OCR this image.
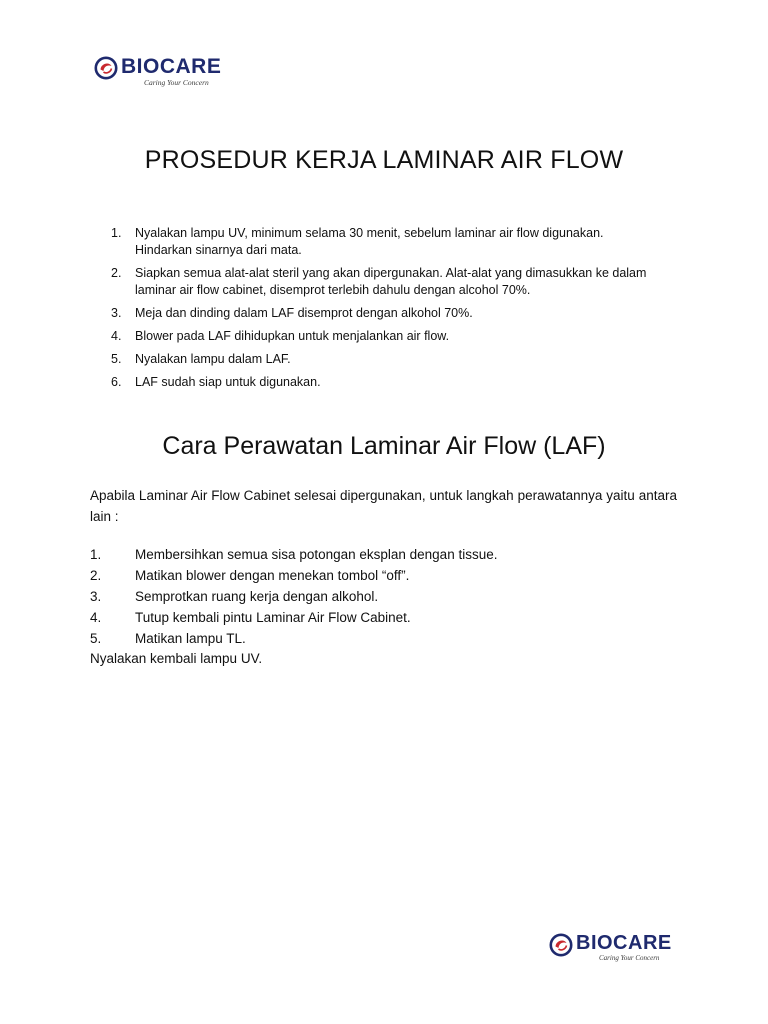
BIOCARE
Caring Your Concern
PROSEDUR KERJA LAMINAR AIR FLOW
1.	Nyalakan lampu UV, minimum selama 30 menit, sebelum laminar air flow digunakan. Hindarkan sinarnya dari mata.
2.	Siapkan semua alat-alat steril yang akan dipergunakan. Alat-alat yang dimasukkan ke dalam laminar air flow cabinet, disemprot terlebih dahulu dengan alcohol 70%.
3.	Meja dan dinding dalam LAF disemprot dengan alkohol 70%.
4.	Blower pada LAF dihidupkan untuk menjalankan air flow.
5.	Nyalakan lampu dalam LAF.
6.	LAF sudah siap untuk digunakan.
Cara Perawatan Laminar Air Flow (LAF)

Apabila Laminar Air Flow Cabinet selesai dipergunakan, untuk langkah perawatannya yaitu antara lain :

1.	Membersihkan semua sisa potongan eksplan dengan tissue.
2.	Matikan blower dengan menekan tombol “off”.
3.	Semprotkan ruang kerja dengan alkohol.
4.	Tutup kembali pintu Laminar Air Flow Cabinet.
5.	Matikan lampu TL.

Nyalakan kembali lampu UV.

BIOCARE
Caring Your Concern
